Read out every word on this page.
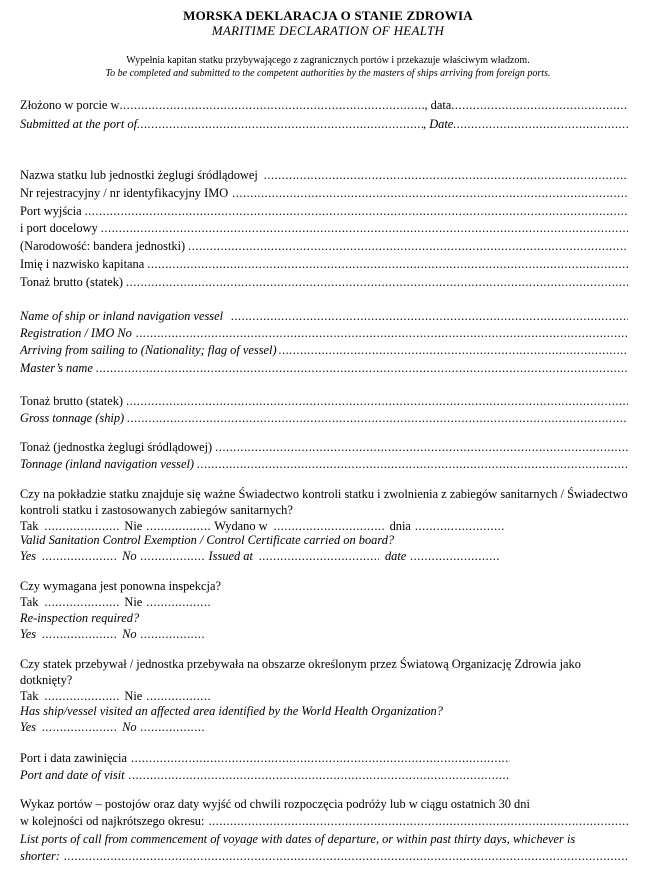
MORSKA DEKLARACJA O STANIE ZDROWIA
MARITIME DECLARATION OF HEALTH
Wypełnia kapitan statku przybywającego z zagranicznych portów i przekazuje właściwym władzom.
To be completed and submitted to the competent authorities by the masters of ships arriving from foreign ports.
Złożono w porcie w .....	, data
.....
Submitted at the port of .....	, Date
.....
Nazwa statku lub jednostki żeglugi śródlądowej
.....
Nr rejestracyjny / nr identyfikacyjny IMO
.....
Port wyjścia
.....
i port docelowy
.....
(Narodowość: bandera jednostki)
.....
Imię i nazwisko kapitana
.....
Tonaż brutto (statek)
.....
Name of ship or inland navigation vessel
.....
Registration / IMO No
.....
Arriving from sailing to (Nationality; flag of vessel)
.....
Master’s name
.....
Tonaż brutto (statek)
.....
Gross tonnage (ship)
.....
Tonaż (jednostka żeglugi śródlądowej)
.....
Tonnage (inland navigation vessel)
.....
Czy na pokładzie statku znajduje się ważne Świadectwo kontroli statku i zwolnienia z zabiegów sanitarnych / Świadectwo kontroli statku i zastosowanych zabiegów sanitarnych?
Tak .....	Nie .....	Wydano w .....	dnia
.....
Valid Sanitation Control Exemption / Control Certificate carried on board?
Yes .....	No .....	Issued at .....	date
.....
Czy wymagana jest ponowna inspekcja?
Tak .....	Nie
.....
Re-inspection required?
Yes .....	No
.....
Czy statek przebywał / jednostka przebywała na obszarze określonym przez Światową Organizację Zdrowia jako dotknięty?
Tak .....	Nie
.....
Has ship/vessel visited an affected area identified by the World Health Organization?
Yes .....	No
.....
Port i data zawinięcia
.....
Port and date of visit
.....
Wykaz portów – postojów oraz daty wyjść od chwili rozpoczęcia podróży lub w ciągu ostatnich 30 dni
w kolejności od najkrótszego okresu:
.....
List ports of call from commencement of voyage with dates of departure, or within past thirty days, whichever is
shorter:
.....
